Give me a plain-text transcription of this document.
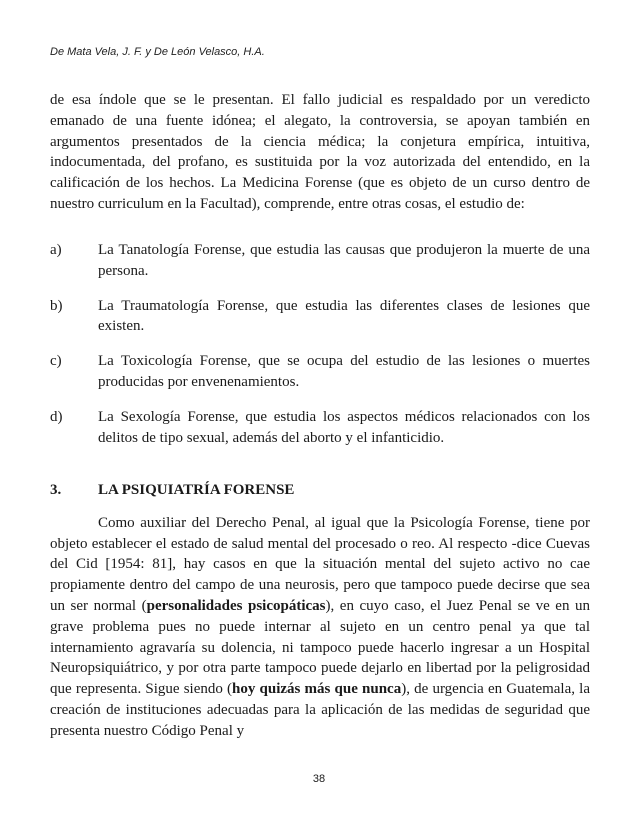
De Mata Vela, J. F. y De León Velasco, H.A.

de esa índole que se le presentan. El fallo judicial es respaldado por un veredicto emanado de una fuente idónea; el alegato, la controversia, se apoyan también en argumentos presentados de la ciencia médica; la conjetura empírica, intuitiva, indocumentada, del profano, es sustituida por la voz autorizada del entendido, en la calificación de los hechos. La Medicina Forense (que es objeto de un curso dentro de nuestro curriculum en la Facultad), comprende, entre otras cosas, el estudio de:

a)	La Tanatología Forense, que estudia las causas que produjeron la muerte de una persona.
b)	La Traumatología Forense, que estudia las diferentes clases de lesiones que existen.
c)	La Toxicología Forense, que se ocupa del estudio de las lesiones o muertes producidas por envenenamientos.
d)	La Sexología Forense, que estudia los aspectos médicos relacionados con los delitos de tipo sexual, además del aborto y el infanticidio.
3.	LA PSIQUIATRÍA FORENSE

Como auxiliar del Derecho Penal, al igual que la Psicología Forense, tiene por objeto establecer el estado de salud mental del procesado o reo. Al respecto -dice Cuevas del Cid [1954: 81], hay casos en que la situación mental del sujeto activo no cae propiamente dentro del campo de una neurosis, pero que tampoco puede decirse que sea un ser normal (personalidades psicopáticas), en cuyo caso, el Juez Penal se ve en un grave problema pues no puede internar al sujeto en un centro penal ya que tal internamiento agravaría su dolencia, ni tampoco puede hacerlo ingresar a un Hospital Neuropsiquiátrico, y por otra parte tampoco puede dejarlo en libertad por la peligrosidad que representa. Sigue siendo (hoy quizás más que nunca), de urgencia en Guatemala, la creación de instituciones adecuadas para la aplicación de las medidas de seguridad que presenta nuestro Código Penal y

38
